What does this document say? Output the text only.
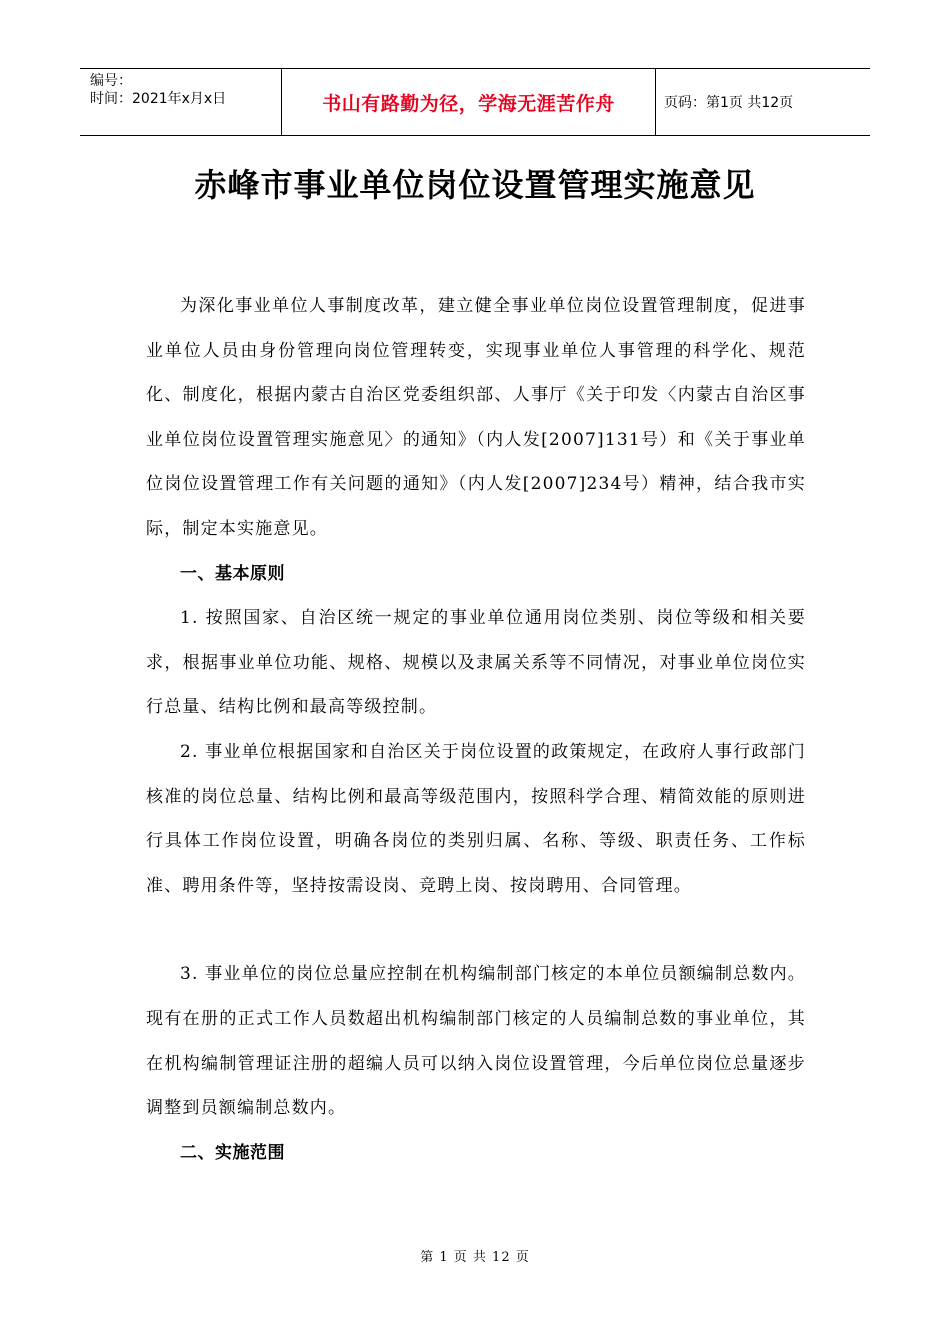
编号：
时间：2021年x月x日	书山有路勤为径，学海无涯苦作舟	页码：第1页 共12页
赤峰市事业单位岗位设置管理实施意见

为深化事业单位人事制度改革，建立健全事业单位岗位设置管理制度，促进事业单位人员由身份管理向岗位管理转变，实现事业单位人事管理的科学化、规范化、制度化，根据内蒙古自治区党委组织部、人事厅《关于印发〈内蒙古自治区事业单位岗位设置管理实施意见〉的通知》（内人发[2007]131号）和《关于事业单位岗位设置管理工作有关问题的通知》（内人发[2007]234号）精神，结合我市实际，制定本实施意见。

一、基本原则

1. 按照国家、自治区统一规定的事业单位通用岗位类别、岗位等级和相关要求，根据事业单位功能、规格、规模以及隶属关系等不同情况，对事业单位岗位实行总量、结构比例和最高等级控制。

2. 事业单位根据国家和自治区关于岗位设置的政策规定，在政府人事行政部门核准的岗位总量、结构比例和最高等级范围内，按照科学合理、精简效能的原则进行具体工作岗位设置，明确各岗位的类别归属、名称、等级、职责任务、工作标准、聘用条件等，坚持按需设岗、竞聘上岗、按岗聘用、合同管理。

3. 事业单位的岗位总量应控制在机构编制部门核定的本单位员额编制总数内。现有在册的正式工作人员数超出机构编制部门核定的人员编制总数的事业单位，其在机构编制管理证注册的超编人员可以纳入岗位设置管理，今后单位岗位总量逐步调整到员额编制总数内。

二、实施范围

第 1 页 共 12 页
